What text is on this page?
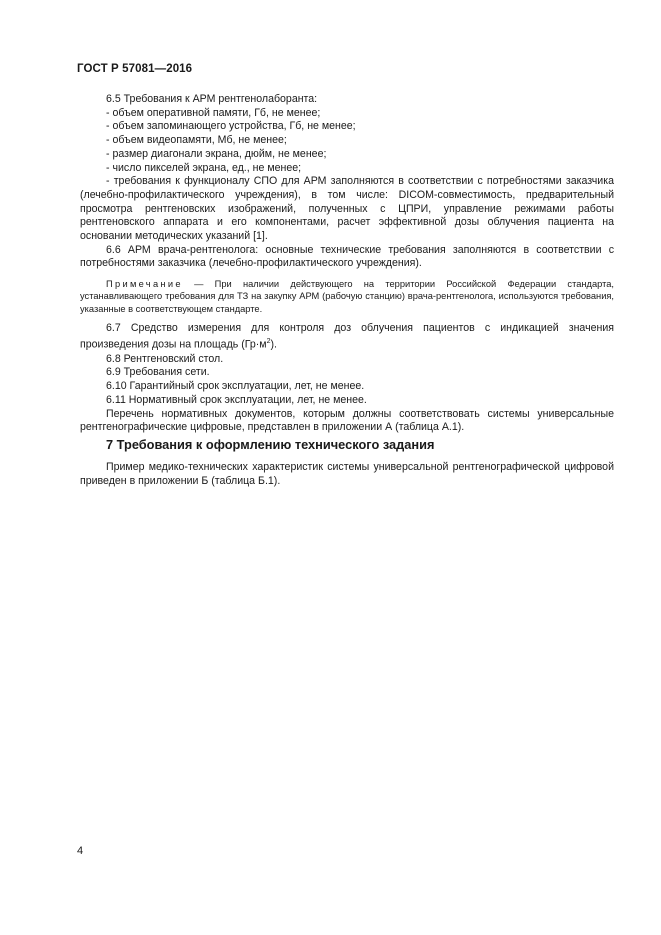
ГОСТ Р 57081—2016

6.5 Требования к АРМ рентгенолаборанта:

- объем оперативной памяти, Гб, не менее;

- объем запоминающего устройства, Гб, не менее;

- объем видеопамяти, Мб, не менее;

- размер диагонали экрана, дюйм, не менее;

- число пикселей экрана, ед., не менее;

- требования к функционалу СПО для АРМ заполняются в соответствии с потребностями заказчика (лечебно-профилактического учреждения), в том числе: DICOM-совместимость, предварительный просмотра рентгеновских изображений, полученных с ЦПРИ, управление режимами работы рентгеновского аппарата и его компонентами, расчет эффективной дозы облучения пациента на основании методических указаний [1].

6.6 АРМ врача-рентгенолога: основные технические требования заполняются в соответствии с потребностями заказчика (лечебно-профилактического учреждения).

Примечание — При наличии действующего на территории Российской Федерации стандарта, устанавливающего требования для ТЗ на закупку АРМ (рабочую станцию) врача-рентгенолога, используются требования, указанные в соответствующем стандарте.

6.7 Средство измерения для контроля доз облучения пациентов с индикацией значения произведения дозы на площадь $(Гр\cdot м^2)$.

6.8 Рентгеновский стол.

6.9 Требования сети.

6.10 Гарантийный срок эксплуатации, лет, не менее.

6.11 Нормативный срок эксплуатации, лет, не менее.

Перечень нормативных документов, которым должны соответствовать системы универсальные рентгенографические цифровые, представлен в приложении А (таблица А.1).

7 Требования к оформлению технического задания

Пример медико-технических характеристик системы универсальной рентгенографической цифровой приведен в приложении Б (таблица Б.1).

4
